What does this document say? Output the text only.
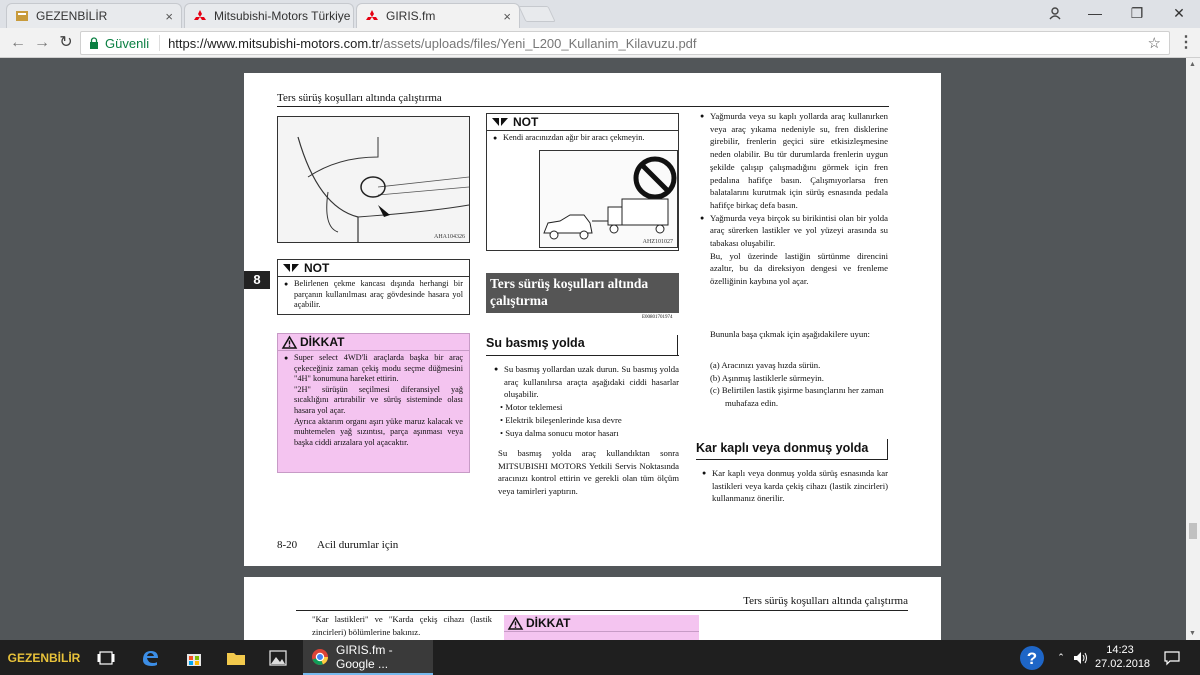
GEZENBİLİR	×	Mitsubishi-Motors Türkiye	GIRIS.fm	×	—	❐	✕
← → ↻ Güvenli https://www.mitsubishi-motors.com.tr/assets/uploads/files/Yeni_L200_Kullanim_Kilavuzu.pdf	☆ ⋮
Ters sürüş koşulları altında çalıştırma
AHA104326
NOT
● Kendi aracınızdan ağır bir aracı çekmeyin.
AHZ101027
8
NOT
● Belirlenen çekme kancası dışında herhangi bir parçanın kullanılması araç gövdesinde hasara yol açabilir.
DİKKAT
● Super select 4WD'li araçlarda başka bir araç çekeceğiniz zaman çekiş modu seçme düğmesini "4H" konumuna hareket ettirin.
"2H" sürüşün seçilmesi diferansiyel yağ sıcaklığını artırabilir ve sürüş sisteminde olası hasara yol açar.
Ayrıca aktarım organı aşırı yüke maruz kalacak ve muhtemelen yağ sızıntısı, parça aşınması veya başka ciddi arızalara yol açacaktır.
Ters sürüş koşulları altında çalıştırma
E00801701974
Su basmış yolda

● Su basmış yollardan uzak durun. Su basmış yolda araç kullanılırsa araçta aşağıdaki ciddi hasarlar oluşabilir.

• Motor teklemesi

• Elektrik bileşenlerinde kısa devre

• Suya dalma sonucu motor hasarı

Su basmış yolda araç kullandıktan sonra MITSUBISHI MOTORS Yetkili Servis Noktasında aracınızı kontrol ettirin ve gerekli olan tüm ölçüm veya tamirleri yaptırın.

● Yağmurda veya su kaplı yollarda araç kullanırken veya araç yıkama nedeniyle su, fren disklerine girebilir, frenlerin geçici süre etkisizleşmesine neden olabilir. Bu tür durumlarda frenlerin uygun şekilde çalışıp çalışmadığını görmek için fren pedalına hafifçe basın. Çalışmıyorlarsa fren balatalarını kurutmak için sürüş esnasında pedala hafifçe birkaç defa basın.

● Yağmurda veya birçok su birikintisi olan bir yolda araç sürerken lastikler ve yol yüzeyi arasında su tabakası oluşabilir.

Bu, yol üzerinde lastiğin sürtünme direncini azaltır, bu da direksiyon dengesi ve frenleme özelliğinin kaybına yol açar.

Bununla başa çıkmak için aşağıdakilere uyun:

(a) Aracınızı yavaş hızda sürün.

(b) Aşınmış lastiklerle sürmeyin.

(c) Belirtilen lastik şişirme basınçlarını her zaman muhafaza edin.

Kar kaplı veya donmuş yolda

● Kar kaplı veya donmuş yolda sürüş esnasında kar lastikleri veya karda çekiş cihazı (lastik zincirleri) kullanmanız önerilir.

8-20 Acil durumlar için
Ters sürüş koşulları altında çalıştırma
"Kar lastikleri" ve "Karda çekiş cihazı (lastik zincirleri) bölümlerine bakınız.
DİKKAT
▲
▼
GEZENBİLİR
GIRIS.fm - Google ...	?	⌃
14:23
27.02.2018
